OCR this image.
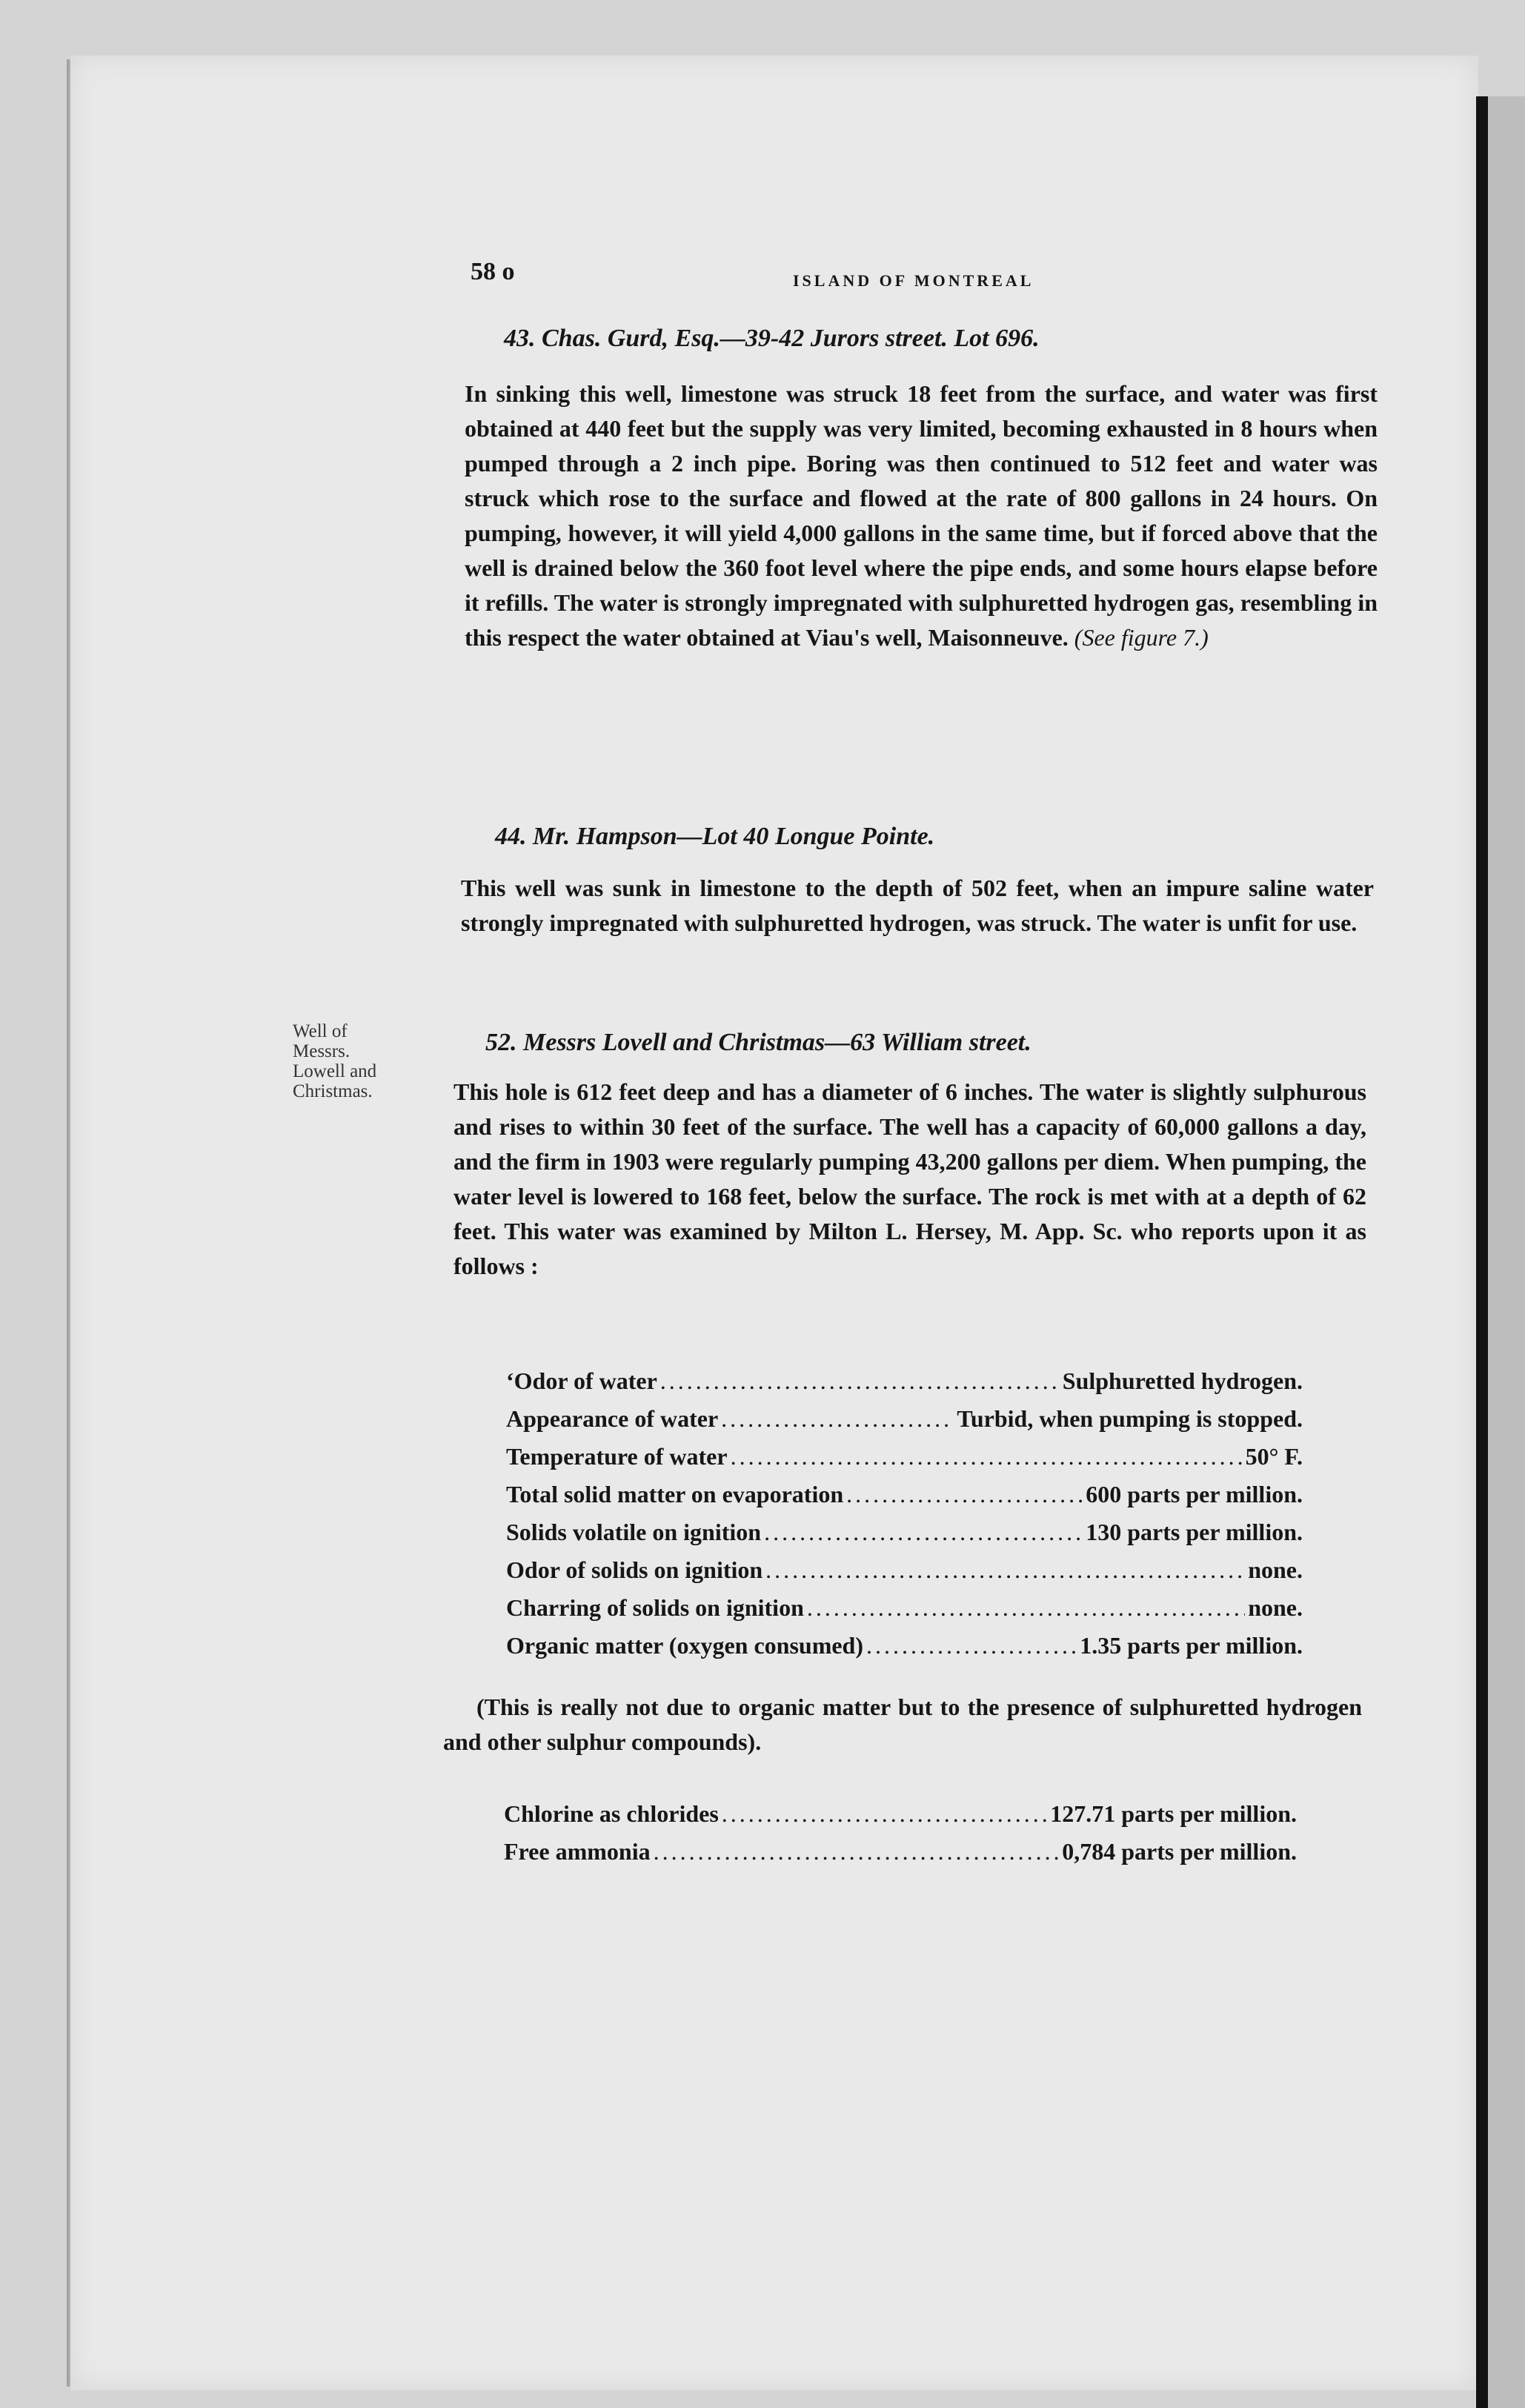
58 o	ISLAND OF MONTREAL
43. Chas. Gurd, Esq.—39-42 Jurors street. Lot 696.
In sinking this well, limestone was struck 18 feet from the surface, and water was first obtained at 440 feet but the supply was very limited, becoming exhausted in 8 hours when pumped through a 2 inch pipe. Boring was then continued to 512 feet and water was struck which rose to the surface and flowed at the rate of 800 gallons in 24 hours. On pumping, however, it will yield 4,000 gallons in the same time, but if forced above that the well is drained below the 360 foot level where the pipe ends, and some hours elapse before it refills. The water is strongly impregnated with sulphuretted hydrogen gas, resembling in this respect the water obtained at Viau's well, Maisonneuve. (See figure 7.)
44. Mr. Hampson—Lot 40 Longue Pointe.
This well was sunk in limestone to the depth of 502 feet, when an impure saline water strongly impregnated with sulphuretted hydrogen, was struck. The water is unfit for use.
Well of
Messrs.
Lowell and
Christmas.
52. Messrs Lovell and Christmas—63 William street.
This hole is 612 feet deep and has a diameter of 6 inches. The water is slightly sulphurous and rises to within 30 feet of the surface. The well has a capacity of 60,000 gallons a day, and the firm in 1903 were regularly pumping 43,200 gallons per diem. When pumping, the water level is lowered to 168 feet, below the surface. The rock is met with at a depth of 62 feet. This water was examined by Milton L. Hersey, M. App. Sc. who reports upon it as follows :
‘Odor of water .....	Sulphuretted hydrogen.
Appearance of water .....	Turbid, when pumping is stopped.
Temperature of water .....	50° F.
Total solid matter on evaporation .....	600 parts per million.
Solids volatile on ignition .....	130 parts per million.
Odor of solids on ignition .....	none.
Charring of solids on ignition .....	none.
Organic matter (oxygen consumed) .....	1.35 parts per million.
(This is really not due to organic matter but to the presence of sulphuretted hydrogen and other sulphur compounds).
Chlorine as chlorides .....	127.71 parts per million.
Free ammonia .....	0,784 parts per million.
